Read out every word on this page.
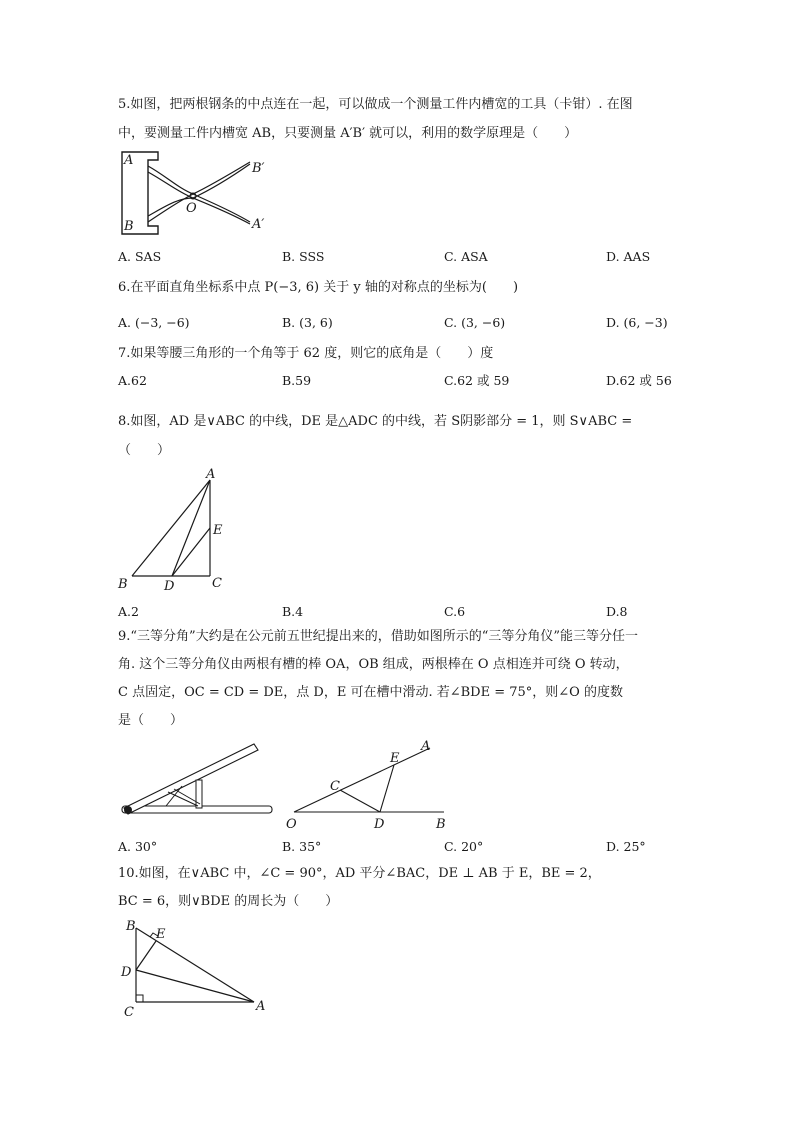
5.如图，把两根钢条的中点连在一起，可以做成一个测量工件内槽宽的工具（卡钳）. 在图
中，要测量工件内槽宽 AB，只要测量 A′B′ 就可以，利用的数学原理是（　　）
A
B
O
B′
A′
A. SAS	B. SSS	C. ASA	D. AAS
6.在平面直角坐标系中点 P(−3, 6) 关于 y 轴的对称点的坐标为(　　)
A. (−3, −6)	B. (3, 6)	C. (3, −6)	D. (6, −3)
7.如果等腰三角形的一个角等于 62 度，则它的底角是（　　）度
A.62	B.59	C.62 或 59	D.62 或 56
8.如图，AD 是∨ABC 的中线，DE 是△ADC 的中线，若 S阴影部分 = 1，则 S∨ABC =
（　　）
A
B	C
D
E
A.2	B.4	C.6	D.8
9.“三等分角”大约是在公元前五世纪提出来的，借助如图所示的“三等分角仪”能三等分任一
角. 这个三等分角仪由两根有槽的棒 OA，OB 组成，两根棒在 O 点相连并可绕 O 转动，
C 点固定，OC = CD = DE，点 D，E 可在槽中滑动. 若∠BDE = 75°，则∠O 的度数
是（　　）
O
A
B
C
D
E
A. 30°	B. 35°	C. 20°	D. 25°
10.如图，在∨ABC 中，∠C = 90°，AD 平分∠BAC，DE ⊥ AB 于 E，BE = 2，
BC = 6，则∨BDE 的周长为（　　）
B
E
D
C	A
